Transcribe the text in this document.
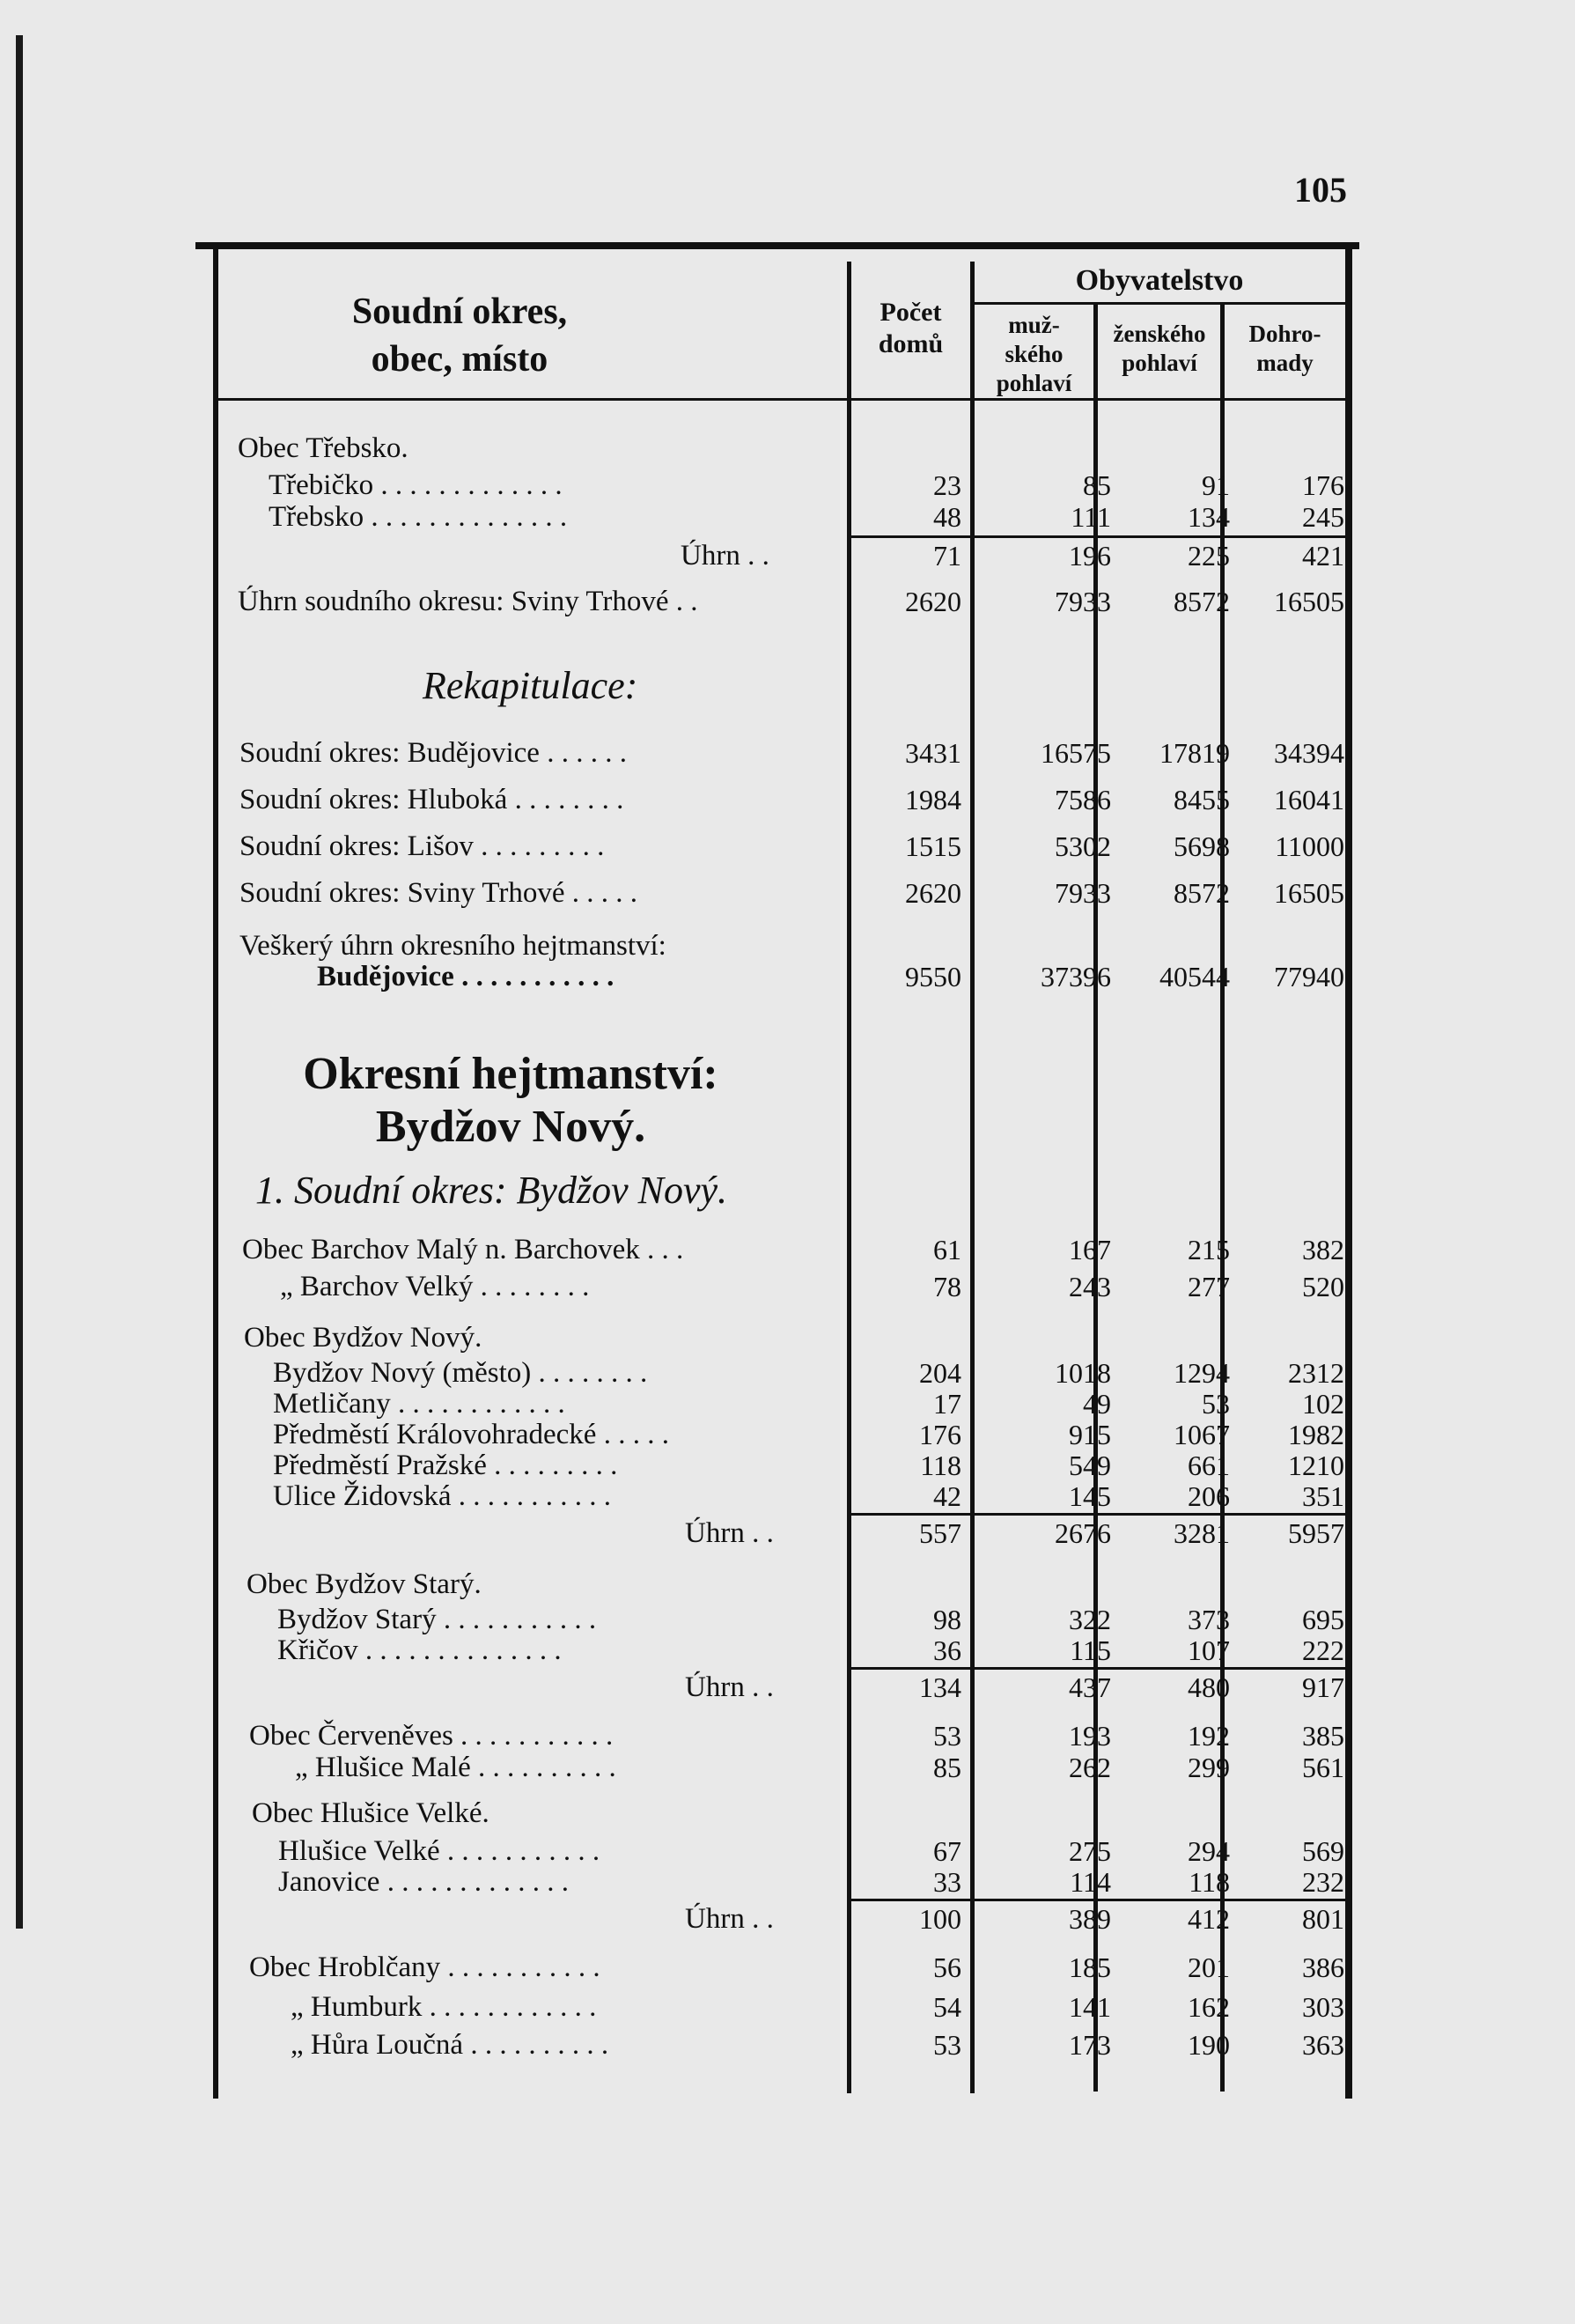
105
Soudní okres,
obec, místo
Počet
domů
Obyvatelstvo
muž-
ského
pohlaví
ženského
pohlaví
Dohro-
mady
Obec Třebsko.
Třebičko . . . . . . . . . . . . .	23	85	91	176
Třebsko . . . . . . . . . . . . . .	48	111	134	245
Úhrn . .	71	196	225	421
Úhrn soudního okresu: Sviny Trhové . .	2620	7933	8572	16505
Soudní okres: Budějovice . . . . . .	3431	16575	17819	34394
Soudní okres: Hluboká . . . . . . . .	1984	7586	8455	16041
Soudní okres: Lišov . . . . . . . . .	1515	5302	5698	11000
Soudní okres: Sviny Trhové . . . . .	2620	7933	8572	16505
Veškerý úhrn okresního hejtmanství:
Budějovice . . . . . . . . . . .	9550	37396	40544	77940
Obec Barchov Malý n. Barchovek . . .	61	167	215	382
„ Barchov Velký . . . . . . . .	78	243	277	520
Obec Bydžov Nový.
Bydžov Nový (město) . . . . . . . .	204	1018	1294	2312
Metličany . . . . . . . . . . . .	17	49	53	102
Předměstí Královohradecké . . . . .	176	915	1067	1982
Předměstí Pražské . . . . . . . . .	118	549	661	1210
Ulice Židovská . . . . . . . . . . .	42	145	206	351
Úhrn . .	557	2676	3281	5957
Obec Bydžov Starý.
Bydžov Starý . . . . . . . . . . .	98	322	373	695
Křičov . . . . . . . . . . . . . .	36	115	107	222
Úhrn . .	134	437	480	917
Obec Červeněves . . . . . . . . . . .	53	193	192	385
„ Hlušice Malé . . . . . . . . . .	85	262	299	561
Obec Hlušice Velké.
Hlušice Velké . . . . . . . . . . .	67	275	294	569
Janovice . . . . . . . . . . . . .	33	114	118	232
Úhrn . .	100	389	412	801
Obec Hroblčany . . . . . . . . . . .	56	185	201	386
„ Humburk . . . . . . . . . . . .	54	141	162	303
„ Hůra Loučná . . . . . . . . . .	53	173	190	363
Rekapitulace:
Okresní hejtmanství:
Bydžov Nový.
1. Soudní okres: Bydžov Nový.
